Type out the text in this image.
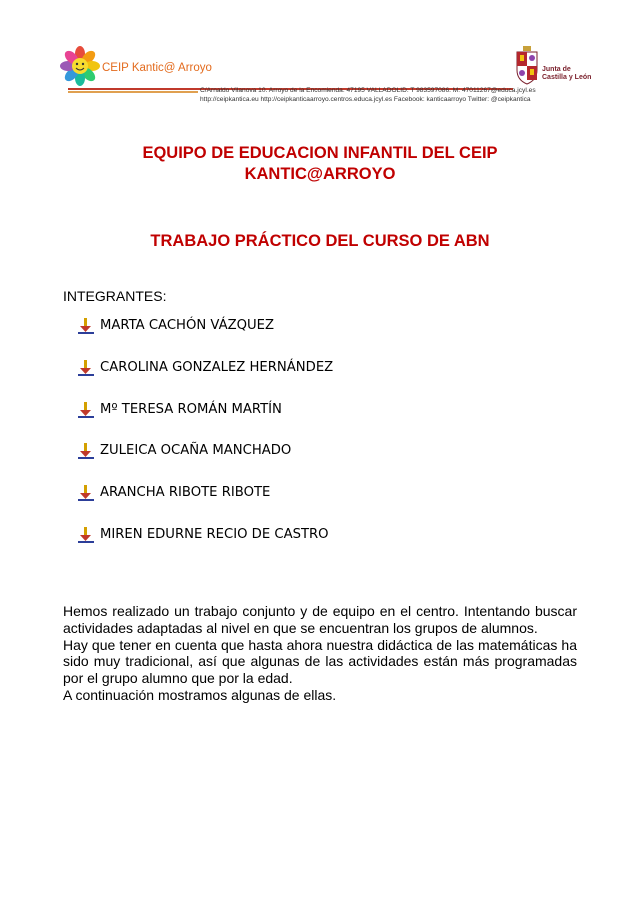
CEIP Kantic@ Arroyo
C/Arnaldo Vilanova 10. Arroyo de la Encomienda. 47195 VALLADOLID. T 983597086. M: 47011267@educa.jcyl.es
http://ceipkantica.eu http://ceipkanticaarroyo.centros.educa.jcyl.es Facebook: kanticaarroyo Twitter: @ceipkantica
Junta de
Castilla y León
EQUIPO DE EDUCACION INFANTIL DEL CEIP
KANTIC@ARROYO
TRABAJO PRÁCTICO DEL CURSO DE ABN
INTEGRANTES:
MARTA CACHÓN VÁZQUEZ
CAROLINA GONZALEZ HERNÁNDEZ
Mº TERESA ROMÁN MARTÍN
ZULEICA OCAÑA MANCHADO
ARANCHA RIBOTE RIBOTE
MIREN EDURNE RECIO DE CASTRO

Hemos realizado un trabajo conjunto y de equipo en el centro. Intentando buscar actividades adaptadas al nivel en que se encuentran los grupos de alumnos.

Hay que tener en cuenta que hasta ahora nuestra didáctica de las matemáticas ha sido muy tradicional, así que algunas de las actividades están más programadas por el grupo alumno que por la edad.

A continuación mostramos algunas de ellas.
